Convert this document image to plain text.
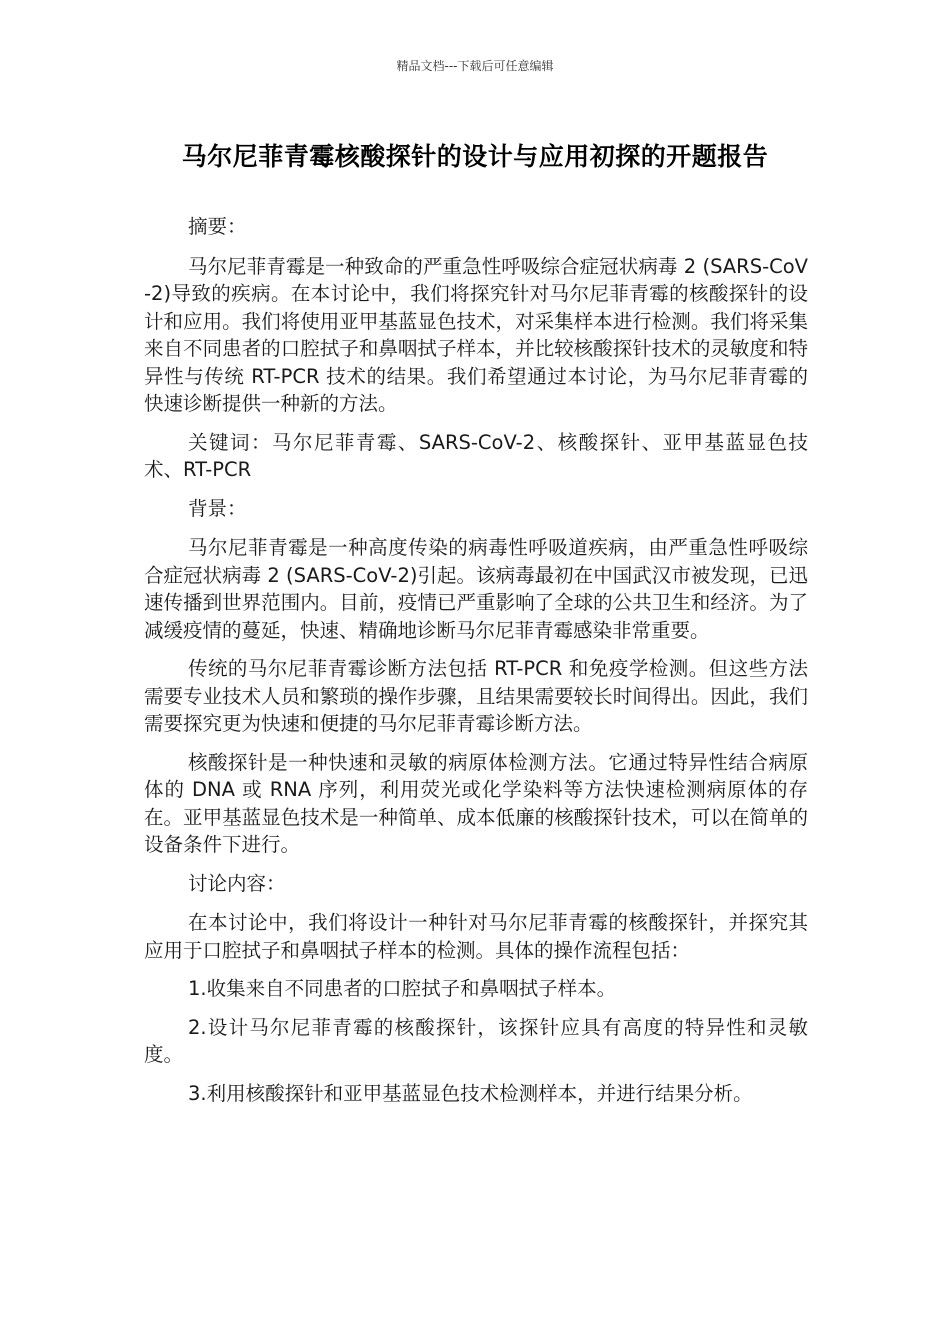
精品文档---下载后可任意编辑
马尔尼菲青霉核酸探针的设计与应用初探的开题报告

摘要：

马尔尼菲青霉是一种致命的严重急性呼吸综合症冠状病毒 2 (SARS-CoV-2)导致的疾病。在本讨论中，我们将探究针对马尔尼菲青霉的核酸探针的设计和应用。我们将使用亚甲基蓝显色技术，对采集样本进行检测。我们将采集来自不同患者的口腔拭子和鼻咽拭子样本，并比较核酸探针技术的灵敏度和特异性与传统 RT-PCR 技术的结果。我们希望通过本讨论，为马尔尼菲青霉的快速诊断提供一种新的方法。

关键词：马尔尼菲青霉、SARS-CoV-2、核酸探针、亚甲基蓝显色技术、RT-PCR

背景：

马尔尼菲青霉是一种高度传染的病毒性呼吸道疾病，由严重急性呼吸综合症冠状病毒 2 (SARS-CoV-2)引起。该病毒最初在中国武汉市被发现，已迅速传播到世界范围内。目前，疫情已严重影响了全球的公共卫生和经济。为了减缓疫情的蔓延，快速、精确地诊断马尔尼菲青霉感染非常重要。

传统的马尔尼菲青霉诊断方法包括 RT-PCR 和免疫学检测。但这些方法需要专业技术人员和繁琐的操作步骤，且结果需要较长时间得出。因此，我们需要探究更为快速和便捷的马尔尼菲青霉诊断方法。

核酸探针是一种快速和灵敏的病原体检测方法。它通过特异性结合病原体的 DNA 或 RNA 序列，利用荧光或化学染料等方法快速检测病原体的存在。亚甲基蓝显色技术是一种简单、成本低廉的核酸探针技术，可以在简单的设备条件下进行。

讨论内容：

在本讨论中，我们将设计一种针对马尔尼菲青霉的核酸探针，并探究其应用于口腔拭子和鼻咽拭子样本的检测。具体的操作流程包括：

1.收集来自不同患者的口腔拭子和鼻咽拭子样本。

2.设计马尔尼菲青霉的核酸探针，该探针应具有高度的特异性和灵敏度。

3.利用核酸探针和亚甲基蓝显色技术检测样本，并进行结果分析。
